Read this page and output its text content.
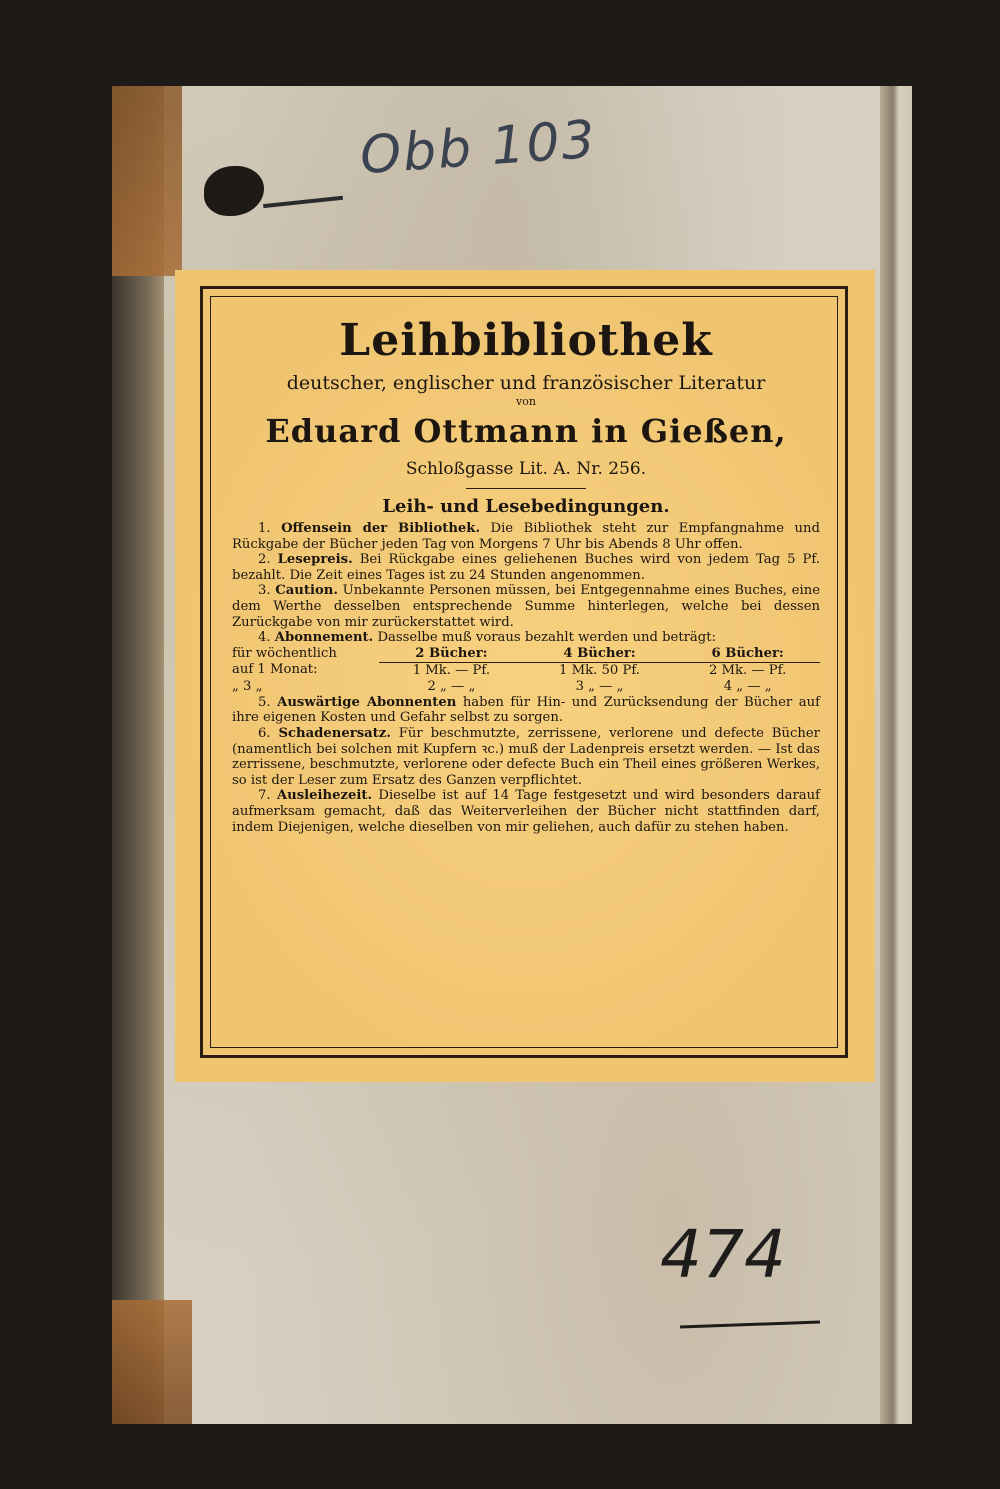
Obb 103
Leihbibliothek
deutscher, englischer und französischer Literatur
von
Eduard Ottmann in Gießen,
Schloßgasse Lit. A. Nr. 256.
Leih- und Lesebedingungen.

1. Offensein der Bibliothek. Die Bibliothek steht zur Empfangnahme und Rückgabe der Bücher jeden Tag von Morgens 7 Uhr bis Abends 8 Uhr offen.

2. Lesepreis. Bei Rückgabe eines geliehenen Buches wird von jedem Tag 5 Pf. bezahlt. Die Zeit eines Tages ist zu 24 Stunden angenommen.

3. Caution. Unbekannte Personen müssen, bei Entgegennahme eines Buches, eine dem Werthe desselben entsprechende Summe hinterlegen, welche bei dessen Zurückgabe von mir zurückerstattet wird.

4. Abonnement. Dasselbe muß voraus bezahlt werden und beträgt:

für wöchentlich	2 Bücher:	4 Bücher:	6 Bücher:
auf 1 Monat:	1 Mk. — Pf.	1 Mk. 50 Pf.	2 Mk. — Pf.
„ 3 „	2 „ — „	3 „ — „	4 „ — „

5. Auswärtige Abonnenten haben für Hin- und Zurücksendung der Bücher auf ihre eigenen Kosten und Gefahr selbst zu sorgen.

6. Schadenersatz. Für beschmutzte, zerrissene, verlorene und defecte Bücher (namentlich bei solchen mit Kupfern ꝛc.) muß der Ladenpreis ersetzt werden. — Ist das zerrissene, beschmutzte, verlorene oder defecte Buch ein Theil eines größeren Werkes, so ist der Leser zum Ersatz des Ganzen verpflichtet.

7. Ausleihezeit. Dieselbe ist auf 14 Tage festgesetzt und wird besonders darauf aufmerksam gemacht, daß das Weiterverleihen der Bücher nicht stattfinden darf, indem Diejenigen, welche dieselben von mir geliehen, auch dafür zu stehen haben.

474
